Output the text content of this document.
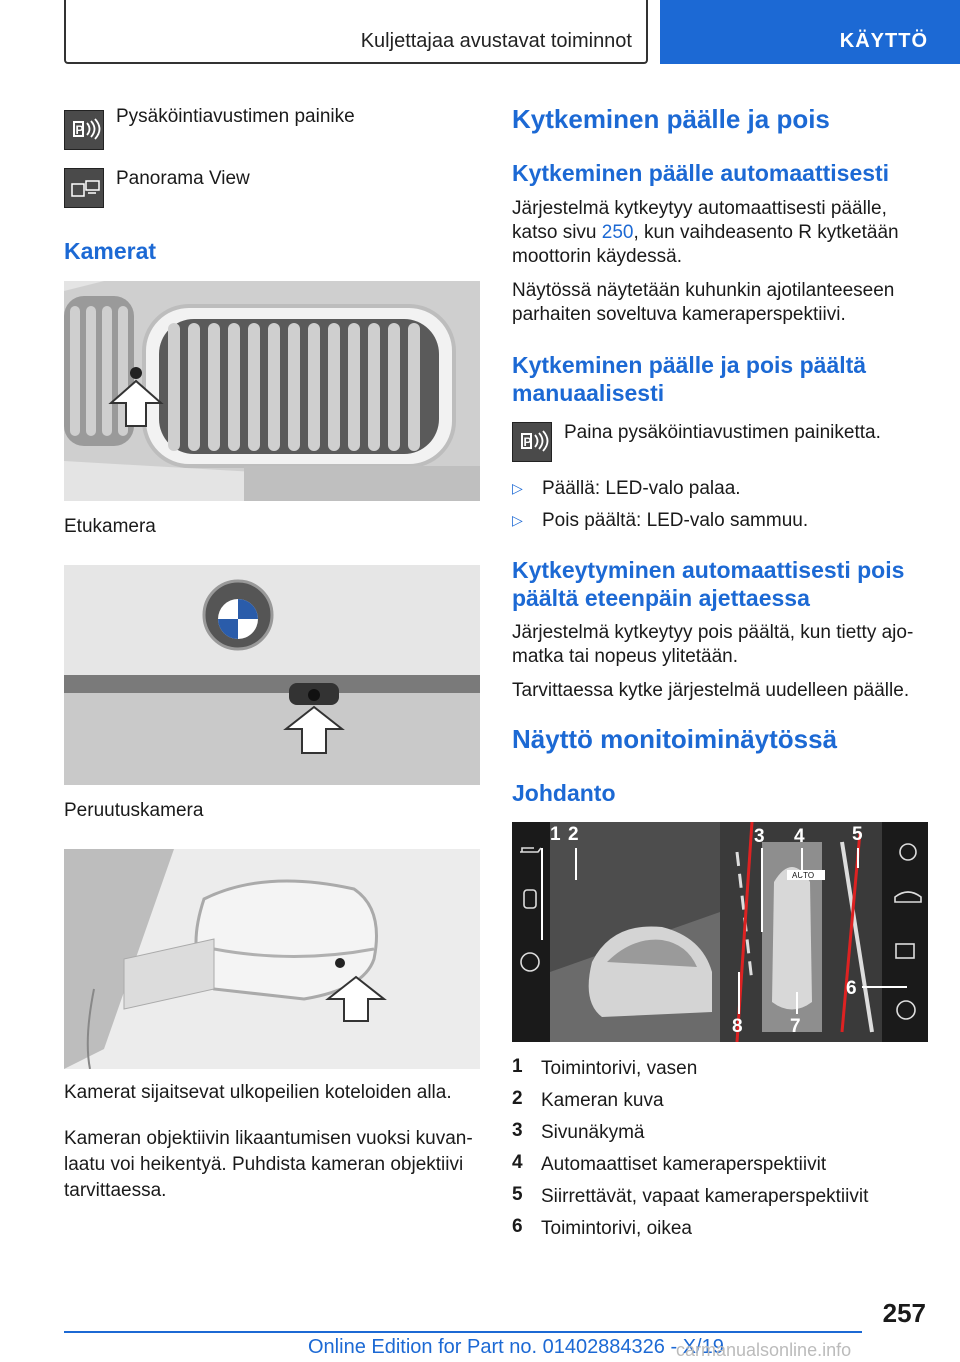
Kuljettajaa avustavat toiminnot	KÄYTTÖ
P
Pysäköintiavustimen painike
Panorama View
Kamerat
Etukamera
Peruutuskamera
Kamerat sijaitsevat ulkopeilien koteloiden alla.
Kameran objektiivin likaantumisen vuoksi kuvan-
laatu voi heikentyä. Puhdista kameran objektiivi
tarvittaessa.
Kytkeminen päälle ja pois
Kytkeminen päälle automaattisesti
Järjestelmä kytkeytyy automaattisesti päälle,
katso sivu 250, kun vaihdeasento R kytketään
moottorin käydessä.
Näytössä näytetään kuhunkin ajotilanteeseen
parhaiten soveltuva kameraperspektiivi.
Kytkeminen päälle ja pois päältä
manuaalisesti
P Paina pysäköintiavustimen painiketta.
▷ Päällä: LED-valo palaa.
▷ Pois päältä: LED-valo sammuu.
Kytkeytyminen automaattisesti pois
päältä eteenpäin ajettaessa
Järjestelmä kytkeytyy pois päältä, kun tietty ajo-
matka tai nopeus ylitetään.
Tarvittaessa kytke järjestelmä uudelleen päälle.
Näyttö monitoiminäytössä
Johdanto
AUTO
1 2	3 4 5
6
7
8
1 Toimintorivi, vasen
2 Kameran kuva
3 Sivunäkymä
4 Automaattiset kameraperspektiivit
5 Siirrettävät, vapaat kameraperspektiivit
6 Toimintorivi, oikea
257
Online Edition for Part no. 01402884326 - X/19
carmanualsonline.info
